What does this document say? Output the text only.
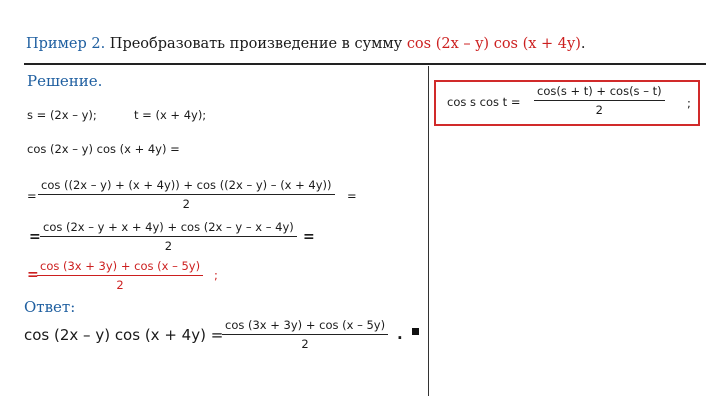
Пример 2. Преобразовать произведение в сумму cos (2x – y) cos (x + 4y).
Решение.
s = (2x – y);	t = (x + 4y);
cos (2x – y) cos (x + 4y) =
= $\frac{\cos ((2x - y) + (x + 4y)) + \cos ((2x - y) - (x + 4y))}{2}$ =
= $\frac{\cos (2x - y + x + 4y) + \cos (2x - y - x - 4y)}{2}$ =
=
$\frac{\cos (3x + 3y) + \cos (x - 5y)}{2}$ ;
cos s $\cos t = \frac{\cos(s + t) + \cos(s - t)}{2}$ ;
Ответ:
cos (2x – y) cos (x + 4y) =
$\frac{\cos (3x + 3y) + \cos (x - 5y)}{2}$ .
